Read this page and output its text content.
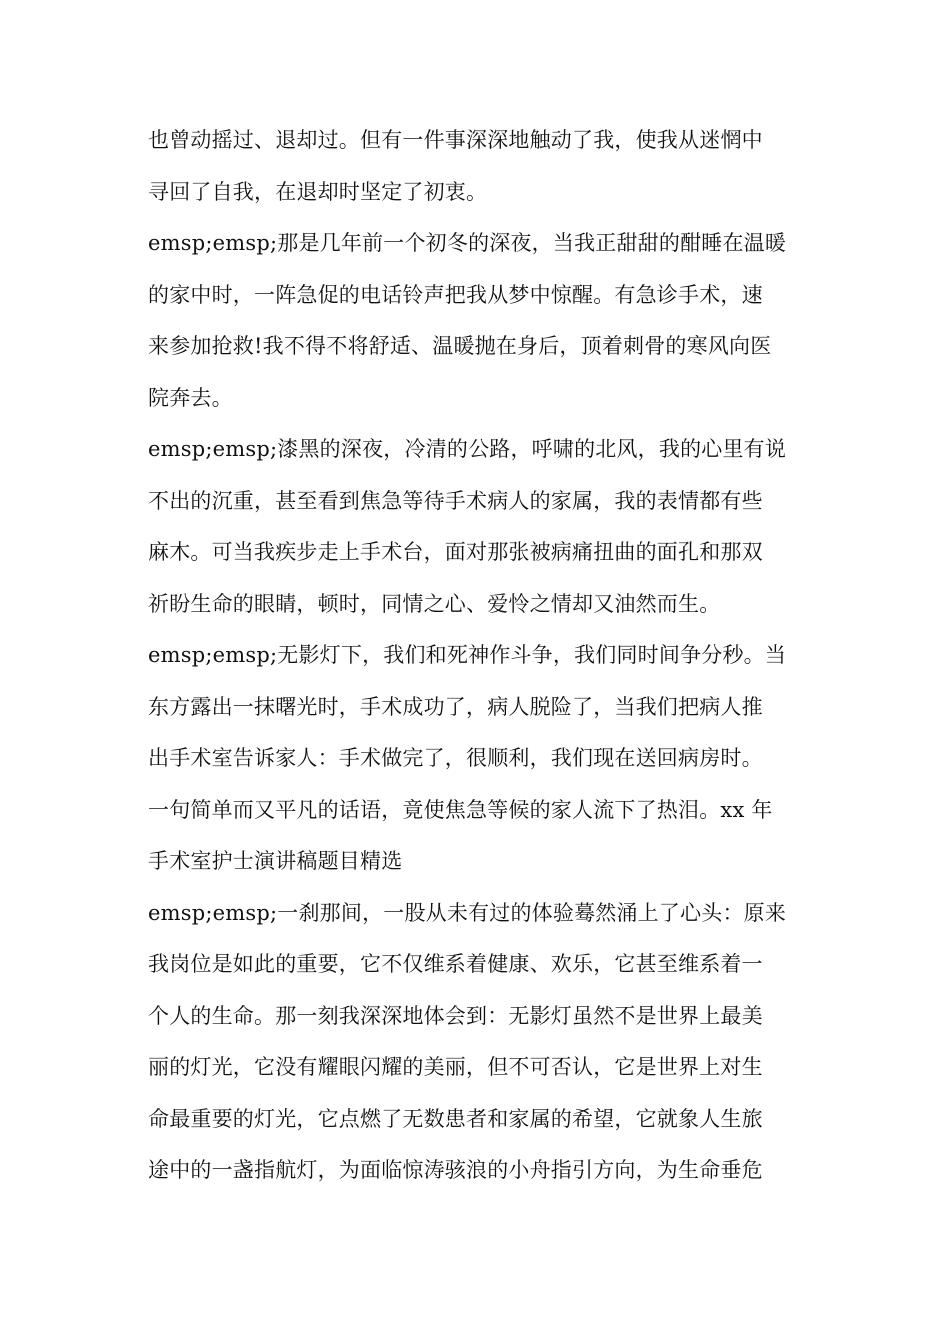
也曾动摇过、退却过。但有一件事深深地触动了我，使我从迷惘中
寻回了自我，在退却时坚定了初衷。
emsp;emsp;那是几年前一个初冬的深夜，当我正甜甜的酣睡在温暖
的家中时，一阵急促的电话铃声把我从梦中惊醒。有急诊手术，速
来参加抢救!我不得不将舒适、温暖抛在身后，顶着刺骨的寒风向医
院奔去。
emsp;emsp;漆黑的深夜，冷清的公路，呼啸的北风，我的心里有说
不出的沉重，甚至看到焦急等待手术病人的家属，我的表情都有些
麻木。可当我疾步走上手术台，面对那张被病痛扭曲的面孔和那双
祈盼生命的眼睛，顿时，同情之心、爱怜之情却又油然而生。
emsp;emsp;无影灯下，我们和死神作斗争，我们同时间争分秒。当
东方露出一抹曙光时，手术成功了，病人脱险了，当我们把病人推
出手术室告诉家人：手术做完了，很顺利，我们现在送回病房时。
一句简单而又平凡的话语，竟使焦急等候的家人流下了热泪。xx 年
手术室护士演讲稿题目精选
emsp;emsp;一刹那间，一股从未有过的体验蓦然涌上了心头：原来
我岗位是如此的重要，它不仅维系着健康、欢乐，它甚至维系着一
个人的生命。那一刻我深深地体会到：无影灯虽然不是世界上最美
丽的灯光，它没有耀眼闪耀的美丽，但不可否认，它是世界上对生
命最重要的灯光，它点燃了无数患者和家属的希望，它就象人生旅
途中的一盏指航灯，为面临惊涛骇浪的小舟指引方向，为生命垂危
